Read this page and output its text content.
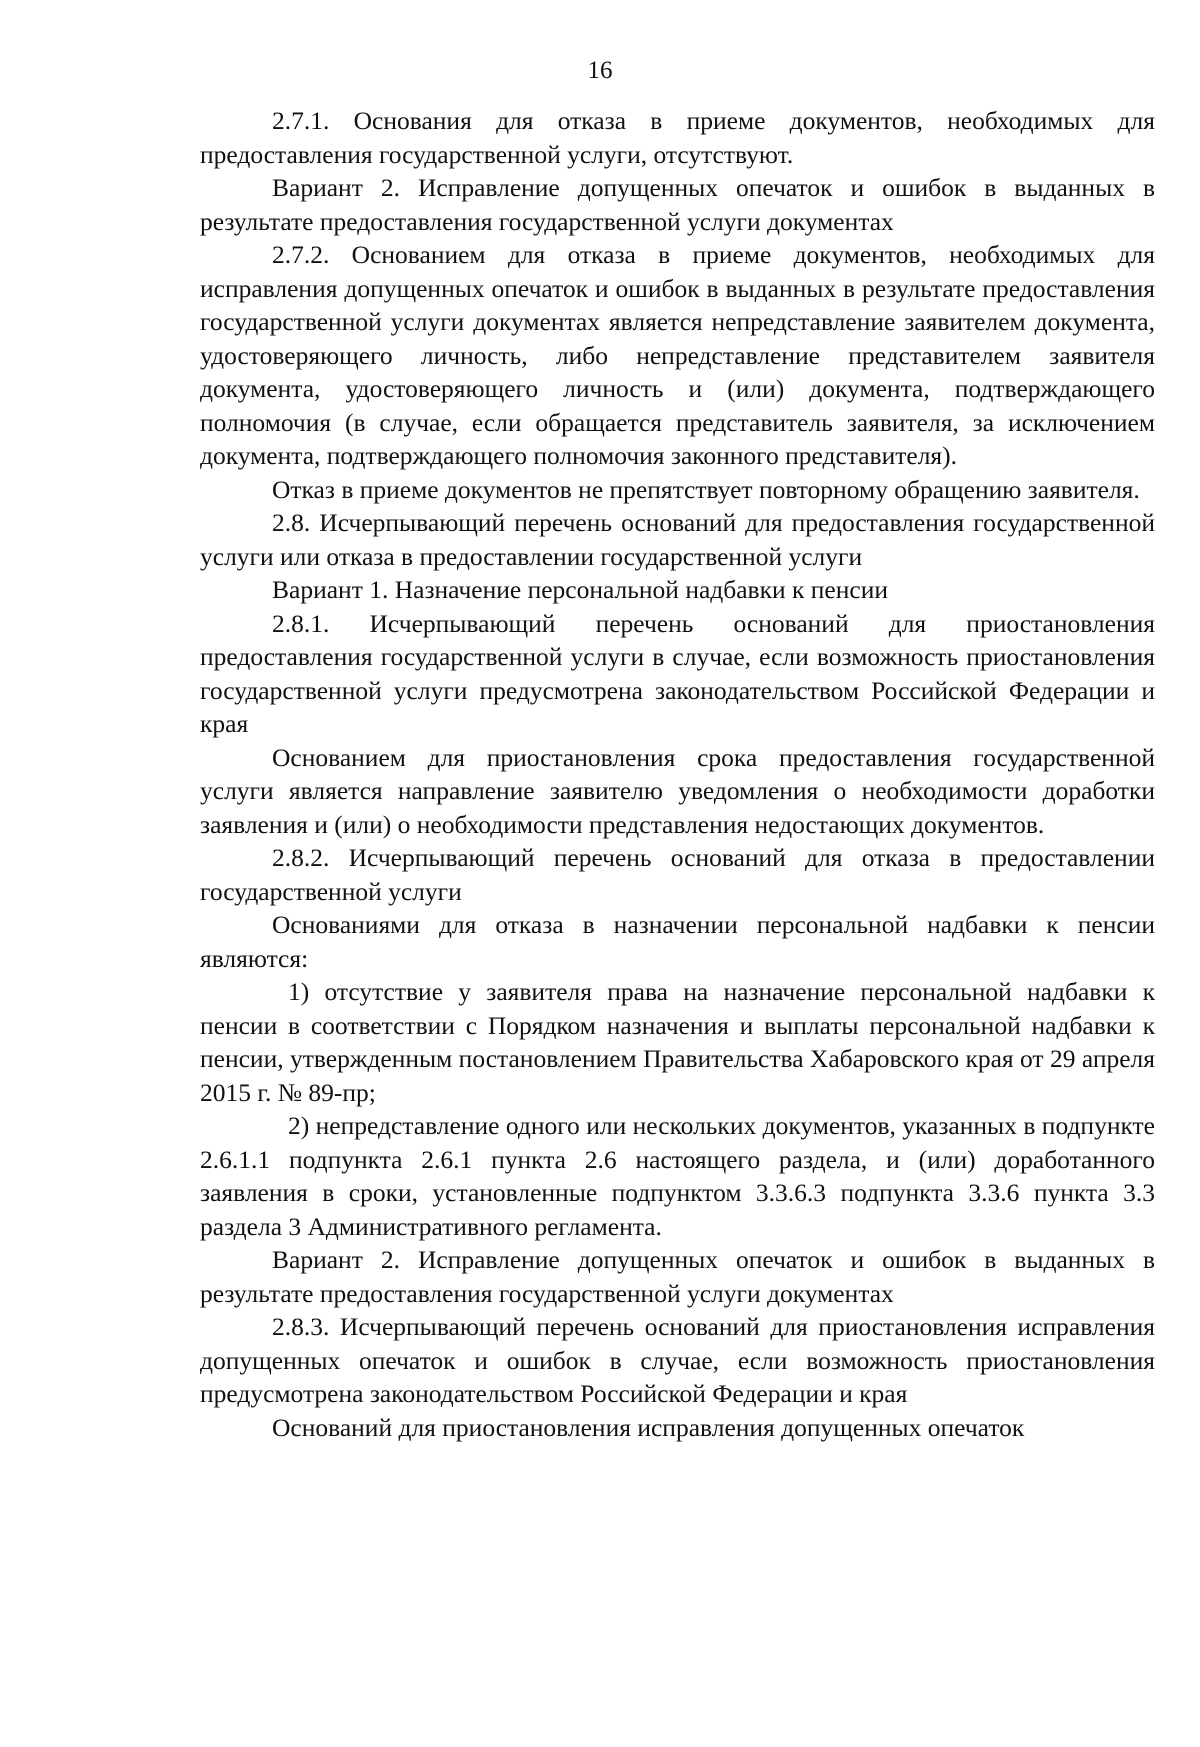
16

2.7.1. Основания для отказа в приеме документов, необходимых для предоставления государственной услуги, отсутствуют.

Вариант 2. Исправление допущенных опечаток и ошибок в выданных в результате предоставления государственной услуги документах

2.7.2. Основанием для отказа в приеме документов, необходимых для исправления допущенных опечаток и ошибок в выданных в результате предоставления государственной услуги документах является непредставление заявителем документа, удостоверяющего личность, либо непредставление представителем заявителя документа, удостоверяющего личность и (или) документа, подтверждающего полномочия (в случае, если обращается представитель заявителя, за исключением документа, подтверждающего полномочия законного представителя).

Отказ в приеме документов не препятствует повторному обращению заявителя.

2.8. Исчерпывающий перечень оснований для предоставления государственной услуги или отказа в предоставлении государственной услуги

Вариант 1. Назначение персональной надбавки к пенсии

2.8.1. Исчерпывающий перечень оснований для приостановления предоставления государственной услуги в случае, если возможность приостановления государственной услуги предусмотрена законодательством Российской Федерации и края

Основанием для приостановления срока предоставления государственной услуги является направление заявителю уведомления о необходимости доработки заявления и (или) о необходимости представления недостающих документов.

2.8.2. Исчерпывающий перечень оснований для отказа в предоставлении государственной услуги

Основаниями для отказа в назначении персональной надбавки к пенсии являются:

1) отсутствие у заявителя права на назначение персональной надбавки к пенсии в соответствии с Порядком назначения и выплаты персональной надбавки к пенсии, утвержденным постановлением Правительства Хабаровского края от 29 апреля 2015 г. № 89-пр;

2) непредставление одного или нескольких документов, указанных в подпункте 2.6.1.1 подпункта 2.6.1 пункта 2.6 настоящего раздела, и (или) доработанного заявления в сроки, установленные подпунктом 3.3.6.3 подпункта 3.3.6 пункта 3.3 раздела 3 Административного регламента.

Вариант 2. Исправление допущенных опечаток и ошибок в выданных в результате предоставления государственной услуги документах

2.8.3. Исчерпывающий перечень оснований для приостановления исправления допущенных опечаток и ошибок в случае, если возможность приостановления предусмотрена законодательством Российской Федерации и края

Оснований для приостановления исправления допущенных опечаток
